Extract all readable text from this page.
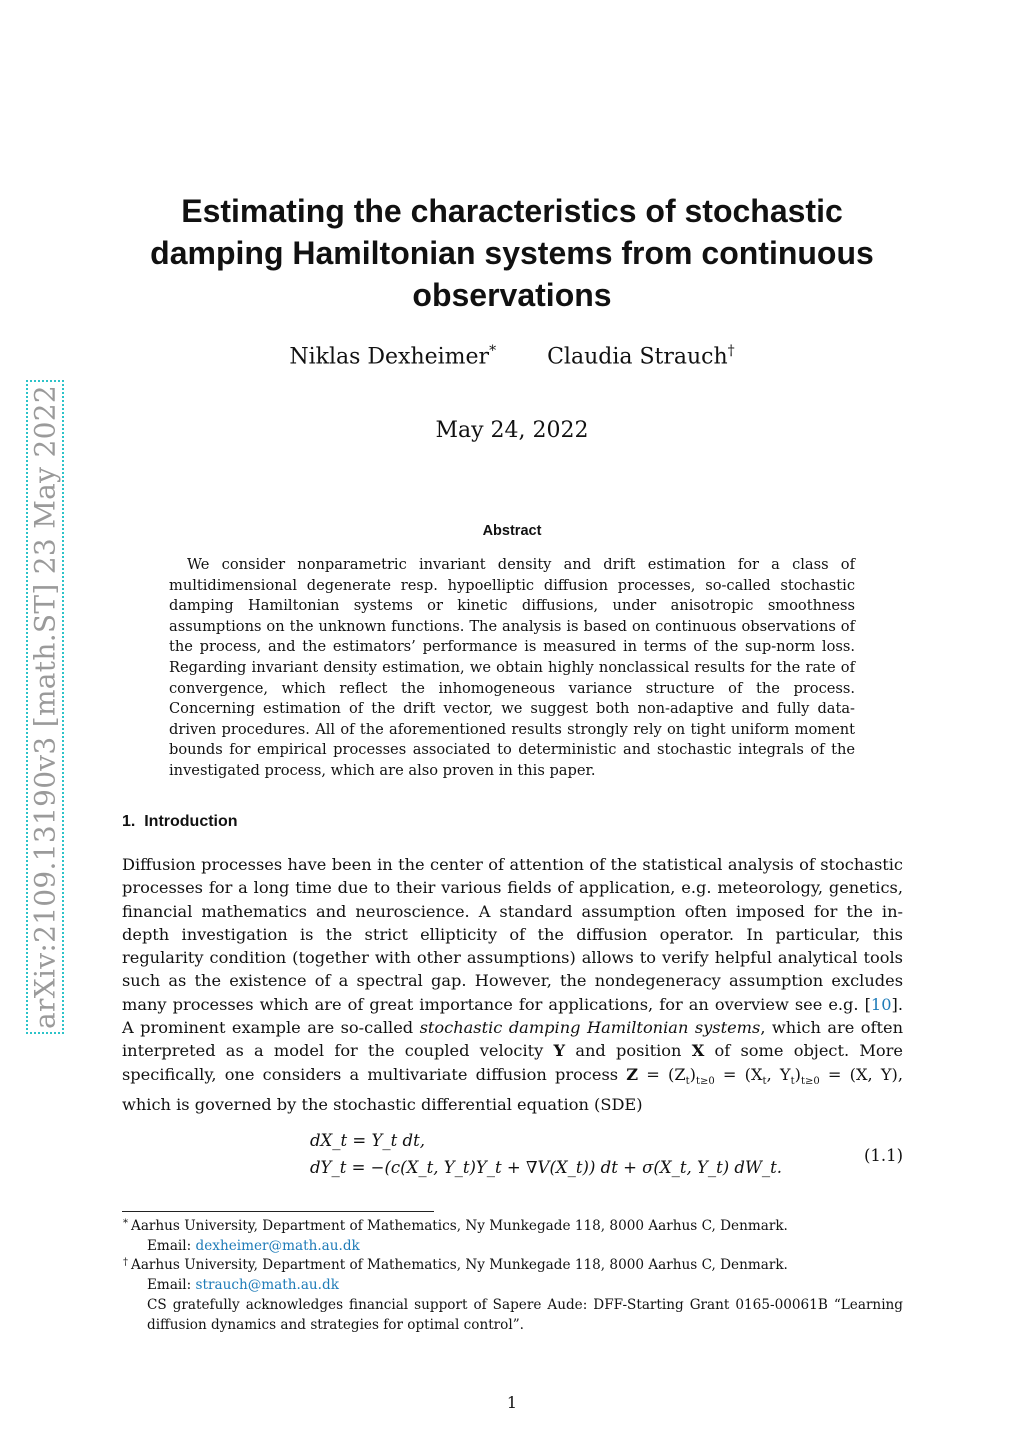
arXiv:2109.13190v3 [math.ST] 23 May 2022
Estimating the characteristics of stochastic damping Hamiltonian systems from continuous observations
Niklas Dexheimer* Claudia Strauch†
May 24, 2022
Abstract
We consider nonparametric invariant density and drift estimation for a class of multidimensional degenerate resp. hypoelliptic diffusion processes, so-called stochastic damping Hamiltonian systems or kinetic diffusions, under anisotropic smoothness assumptions on the unknown functions. The analysis is based on continuous observations of the process, and the estimators’ performance is measured in terms of the sup-norm loss. Regarding invariant density estimation, we obtain highly nonclassical results for the rate of convergence, which reflect the inhomogeneous variance structure of the process. Concerning estimation of the drift vector, we suggest both non-adaptive and fully data-driven procedures. All of the aforementioned results strongly rely on tight uniform moment bounds for empirical processes associated to deterministic and stochastic integrals of the investigated process, which are also proven in this paper.
1. Introduction
Diffusion processes have been in the center of attention of the statistical analysis of stochastic processes for a long time due to their various fields of application, e.g. meteorology, genetics, financial mathematics and neuroscience. A standard assumption often imposed for the in-depth investigation is the strict ellipticity of the diffusion operator. In particular, this regularity condition (together with other assumptions) allows to verify helpful analytical tools such as the existence of a spectral gap. However, the nondegeneracy assumption excludes many processes which are of great importance for applications, for an overview see e.g. [10]. A prominent example are so-called stochastic damping Hamiltonian systems, which are often interpreted as a model for the coupled velocity Y and position X of some object. More specifically, one considers a multivariate diffusion process $Z = (Z_t)_{t\ge 0} = (X_t$, $Y_t)_{t\ge 0} = (X$, Y), which is governed by the stochastic differential equation (SDE)
dX_t = Y_t dt,
dY_t = −(c(X_t, Y_t)Y_t + ∇V(X_t)) dt + σ(X_t, Y_t) dW_t.
(1.1)
* Aarhus University, Department of Mathematics, Ny Munkegade 118, 8000 Aarhus C, Denmark.
Email: dexheimer@math.au.dk
† Aarhus University, Department of Mathematics, Ny Munkegade 118, 8000 Aarhus C, Denmark.
Email: strauch@math.au.dk
CS gratefully acknowledges financial support of Sapere Aude: DFF-Starting Grant 0165-00061B “Learning diffusion dynamics and strategies for optimal control”.
1
